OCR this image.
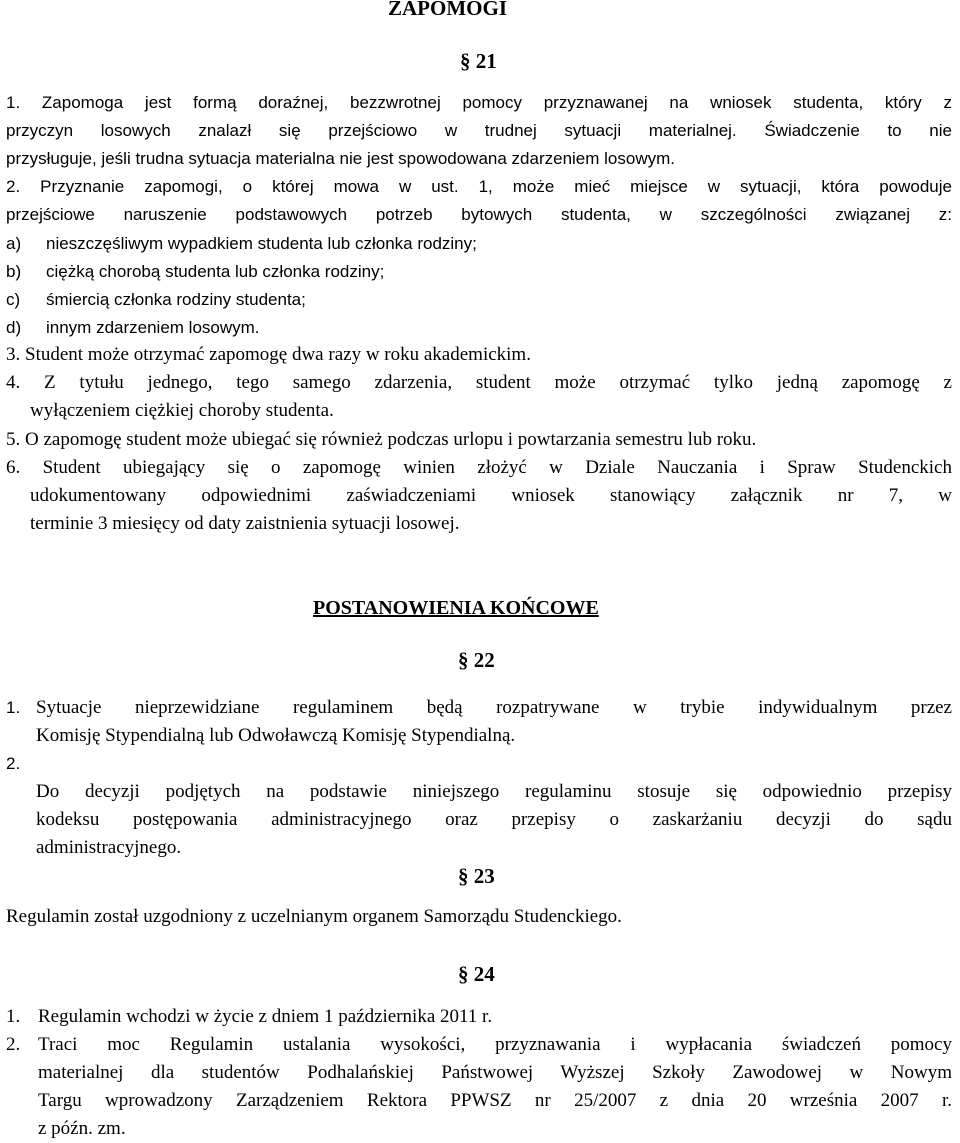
ZAPOMOGI
§ 21
1. Zapomoga jest formą doraźnej, bezzwrotnej pomocy przyznawanej na wniosek studenta, który z
przyczyn losowych znalazł się przejściowo w trudnej sytuacji materialnej. Świadczenie to nie
przysługuje, jeśli trudna sytuacja materialna nie jest spowodowana zdarzeniem losowym.
2. Przyznanie zapomogi, o której mowa w ust. 1, może mieć miejsce w sytuacji, która powoduje
przejściowe naruszenie podstawowych potrzeb bytowych studenta, w szczególności związanej z:
a) nieszczęśliwym wypadkiem studenta lub członka rodziny;
b) ciężką chorobą studenta lub członka rodziny;
c) śmiercią członka rodziny studenta;
d) innym zdarzeniem losowym.
3. Student może otrzymać zapomogę dwa razy w roku akademickim.
4. Z tytułu jednego, tego samego zdarzenia, student może otrzymać tylko jedną zapomogę z
wyłączeniem ciężkiej choroby studenta.
5. O zapomogę student może ubiegać się również podczas urlopu i powtarzania semestru lub roku.
6. Student ubiegający się o zapomogę winien złożyć w Dziale Nauczania i Spraw Studenckich
udokumentowany odpowiednimi zaświadczeniami wniosek stanowiący załącznik nr 7, w
terminie 3 miesięcy od daty zaistnienia sytuacji losowej.
POSTANOWIENIA KOŃCOWE
§ 22
1. Sytuacje nieprzewidziane regulaminem będą rozpatrywane w trybie indywidualnym przez
Komisję Stypendialną lub Odwoławczą Komisję Stypendialną.
2.
Do decyzji podjętych na podstawie niniejszego regulaminu stosuje się odpowiednio przepisy
kodeksu postępowania administracyjnego oraz przepisy o zaskarżaniu decyzji do sądu
administracyjnego.
§ 23
Regulamin został uzgodniony z uczelnianym organem Samorządu Studenckiego.
§ 24
1. Regulamin wchodzi w życie z dniem 1 października 2011 r.
2. Traci moc Regulamin ustalania wysokości, przyznawania i wypłacania świadczeń pomocy
materialnej dla studentów Podhalańskiej Państwowej Wyższej Szkoły Zawodowej w Nowym
Targu wprowadzony Zarządzeniem Rektora PPWSZ nr 25/2007 z dnia 20 września 2007 r.
z późn. zm.
